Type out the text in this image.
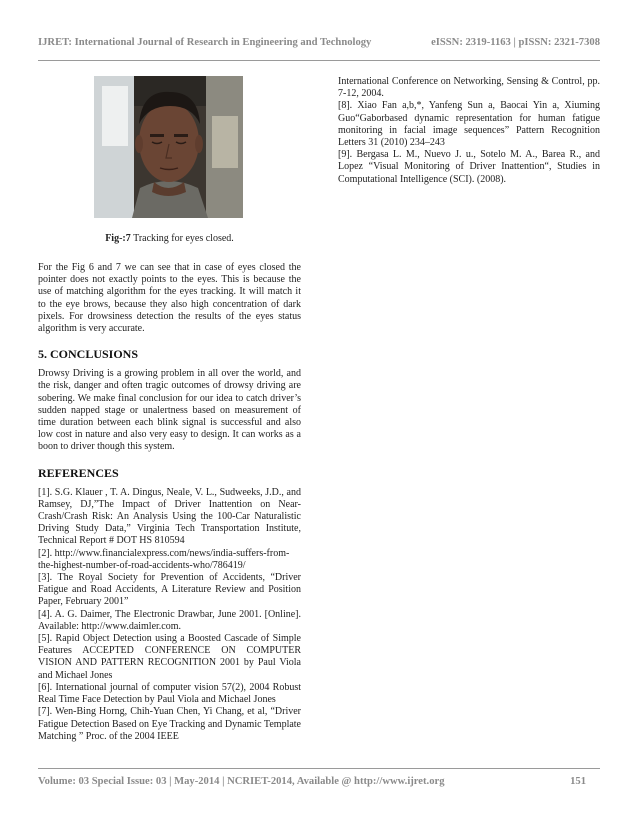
IJRET: International Journal of Research in Engineering and Technology	eISSN: 2319-1163 | pISSN: 2321-7308
Fig-:7 Tracking for eyes closed.

For the Fig 6 and 7 we can see that in case of eyes closed the pointer does not exactly points to the eyes. This is because the use of matching algorithm for the eyes tracking. It will match it to the eye brows, because they also high concentration of dark pixels. For drowsiness detection the results of the eyes status algorithm is very accurate.

5. CONCLUSIONS

Drowsy Driving is a growing problem in all over the world, and the risk, danger and often tragic outcomes of drowsy driving are sobering. We make final conclusion for our idea to catch driver’s sudden napped stage or unalertness based on measurement of time duration between each blink signal is successful and also low cost in nature and also very easy to design. It can works as a boon to driver though this system.

REFERENCES

[1]. S.G. Klauer , T. A. Dingus, Neale, V. L., Sudweeks, J.D., and Ramsey, DJ,”The Impact of Driver Inattention on Near-Crash/Crash Risk: An Analysis Using the 100-Car Naturalistic Driving Study Data,” Virginia Tech Transportation Institute, Technical Report # DOT HS 810594

[2]. http://www.financialexpress.com/news/india-suffers-from-the-highest-number-of-road-accidents-who/786419/

[3]. The Royal Society for Prevention of Accidents, “Driver Fatigue and Road Accidents, A Literature Review and Position Paper, February 2001”

[4]. A. G. Daimer, The Electronic Drawbar, June 2001. [Online]. Available: http://www.daimler.com.

[5]. Rapid Object Detection using a Boosted Cascade of Simple Features ACCEPTED CONFERENCE ON COMPUTER VISION AND PATTERN RECOGNITION 2001 by Paul Viola and Michael Jones

[6]. International journal of computer vision 57(2), 2004 Robust Real Time Face Detection by Paul Viola and Michael Jones

[7]. Wen-Bing Horng, Chih-Yuan Chen, Yi Chang, et al, “Driver Fatigue Detection Based on Eye Tracking and Dynamic Template Matching ” Proc. of the 2004 IEEE

International Conference on Networking, Sensing & Control, pp. 7-12, 2004.

[8]. Xiao Fan a,b,*, Yanfeng Sun a, Baocai Yin a, Xiuming Guo“Gaborbased dynamic representation for human fatigue monitoring in facial image sequences” Pattern Recognition Letters 31 (2010) 234–243

[9]. Bergasa L. M., Nuevo J. u., Sotelo M. A., Barea R., and Lopez “Visual Monitoring of Driver Inattention“, Studies in Computational Intelligence (SCI). (2008).

Volume: 03 Special Issue: 03 | May-2014 | NCRIET-2014, Available @ http://www.ijret.org	151
